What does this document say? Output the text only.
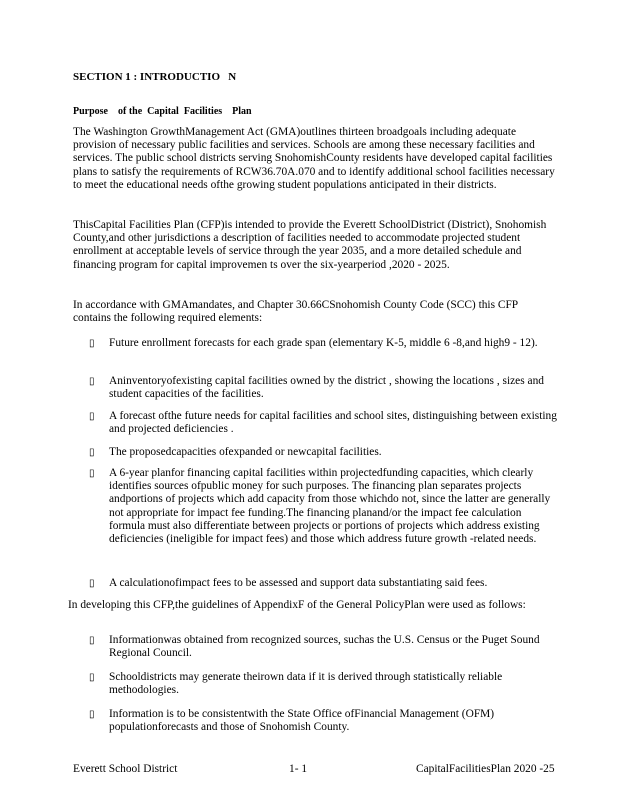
SECTION 1 : INTRODUCTIO   N
Purpose    of the  Capital  Facilities    Plan

The Washington GrowthManagement Act (GMA)outlines thirteen broadgoals including adequate provision of necessary public facilities and services. Schools are among these necessary facilities and services. The public school districts serving SnohomishCounty residents have developed capital facilities plans to satisfy the requirements of RCW36.70A.070 and to identify additional school facilities necessary to meet the educational needs ofthe growing student populations anticipated in their districts.

ThisCapital Facilities Plan (CFP)is intended to provide the Everett SchoolDistrict (District), Snohomish County,and other jurisdictions a description of facilities needed to accommodate projected student enrollment at acceptable levels of service through the year 2035, and a more detailed schedule and financing program for capital improvemen ts over the six-yearperiod ,2020 - 2025.

In accordance with GMAmandates, and Chapter 30.66CSnohomish County Code (SCC) this CFP contains the following required elements:

▯	Future enrollment forecasts for each grade span (elementary K-5, middle 6 -8,and high9 - 12).
▯	Aninventoryofexisting capital facilities owned by the district , showing the locations , sizes and student capacities of the facilities.
▯	A forecast ofthe future needs for capital facilities and school sites, distinguishing between existing and projected deficiencies .
▯	The proposedcapacities ofexpanded or newcapital facilities.
▯	A 6-year planfor financing capital facilities within projectedfunding capacities, which clearly identifies sources ofpublic money for such purposes. The financing plan separates projects andportions of projects which add capacity from those whichdo not, since the latter are generally not appropriate for impact fee funding.The financing planand/or the impact fee calculation formula must also differentiate between projects or portions of projects which address existing deficiencies (ineligible for impact fees) and those which address future growth -related needs.
▯	A calculationofimpact fees to be assessed and support data substantiating said fees.

In developing this CFP,the guidelines of AppendixF of the General PolicyPlan were used as follows:

▯	Informationwas obtained from recognized sources, suchas the U.S. Census or the Puget Sound Regional Council.
▯	Schooldistricts may generate theirown data if it is derived through statistically reliable methodologies.
▯	Information is to be consistentwith the State Office ofFinancial Management (OFM) populationforecasts and those of Snohomish County.
Everett School District	1- 1	CapitalFacilitiesPlan 2020 -25
